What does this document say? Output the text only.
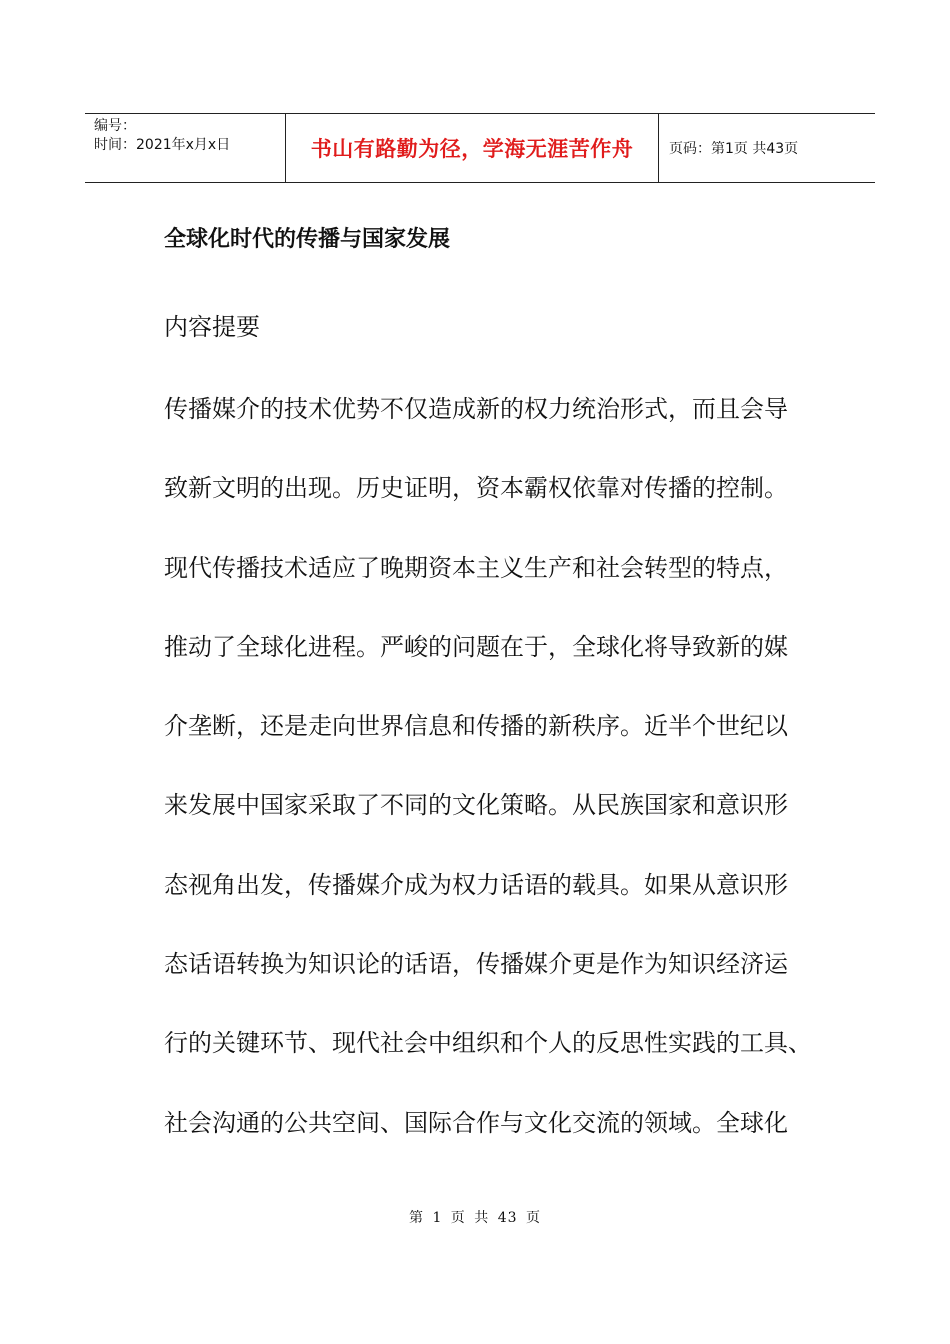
编号：
时间：2021年x月x日	书山有路勤为径，学海无涯苦作舟	页码：第1页 共43页
全球化时代的传播与国家发展
内容提要
传播媒介的技术优势不仅造成新的权力统治形式，而且会导
致新文明的出现。历史证明，资本霸权依靠对传播的控制。
现代传播技术适应了晚期资本主义生产和社会转型的特点，
推动了全球化进程。严峻的问题在于，全球化将导致新的媒
介垄断，还是走向世界信息和传播的新秩序。近半个世纪以
来发展中国家采取了不同的文化策略。从民族国家和意识形
态视角出发，传播媒介成为权力话语的载具。如果从意识形
态话语转换为知识论的话语，传播媒介更是作为知识经济运
行的关键环节、现代社会中组织和个人的反思性实践的工具、
社会沟通的公共空间、国际合作与文化交流的领域。全球化
第 1 页 共 43 页
